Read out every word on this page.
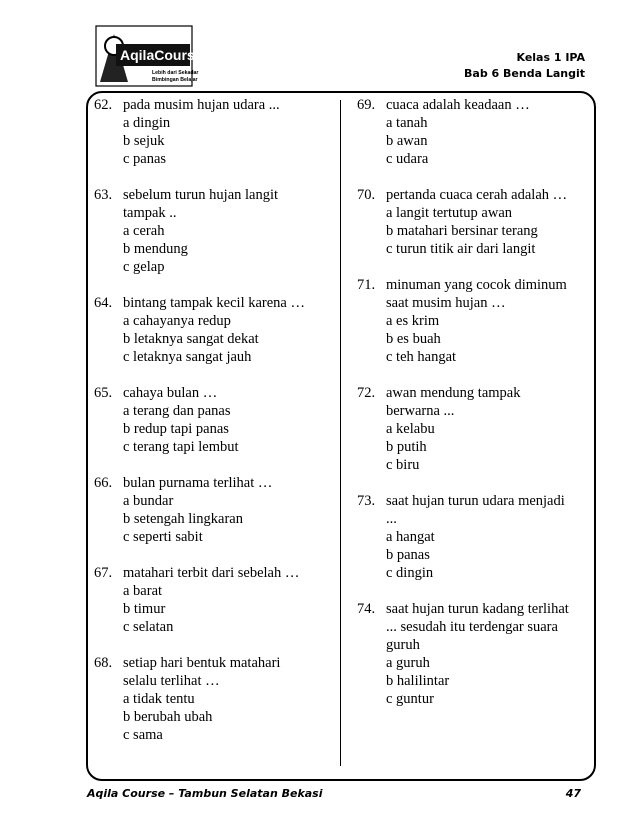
AqilaCourse
Lebih dari Sekadar
Bimbingan Belajar
Kelas 1 IPA
Bab 6 Benda Langit
62. pada musim hujan udara ...
a dingin
b sejuk
c panas
63. sebelum turun hujan langit
tampak ..
a cerah
b mendung
c gelap
64. bintang tampak kecil karena …
a cahayanya redup
b letaknya sangat dekat
c letaknya sangat jauh
65. cahaya bulan …
a terang dan panas
b redup tapi panas
c terang tapi lembut
66. bulan purnama terlihat …
a bundar
b setengah lingkaran
c seperti sabit
67. matahari terbit dari sebelah …
a barat
b timur
c selatan
68. setiap hari bentuk matahari
selalu terlihat …
a tidak tentu
b berubah ubah
c sama
69. cuaca adalah keadaan …
a tanah
b awan
c udara
70. pertanda cuaca cerah adalah …
a langit tertutup awan
b matahari bersinar terang
c turun titik air dari langit
71. minuman yang cocok diminum
saat musim hujan …
a es krim
b es buah
c teh hangat
72. awan mendung tampak
berwarna ...
a kelabu
b putih
c biru
73. saat hujan turun udara menjadi
...
a hangat
b panas
c dingin
74. saat hujan turun kadang terlihat
... sesudah itu terdengar suara
guruh
a guruh
b halilintar
c guntur
Aqila Course – Tambun Selatan Bekasi	47
